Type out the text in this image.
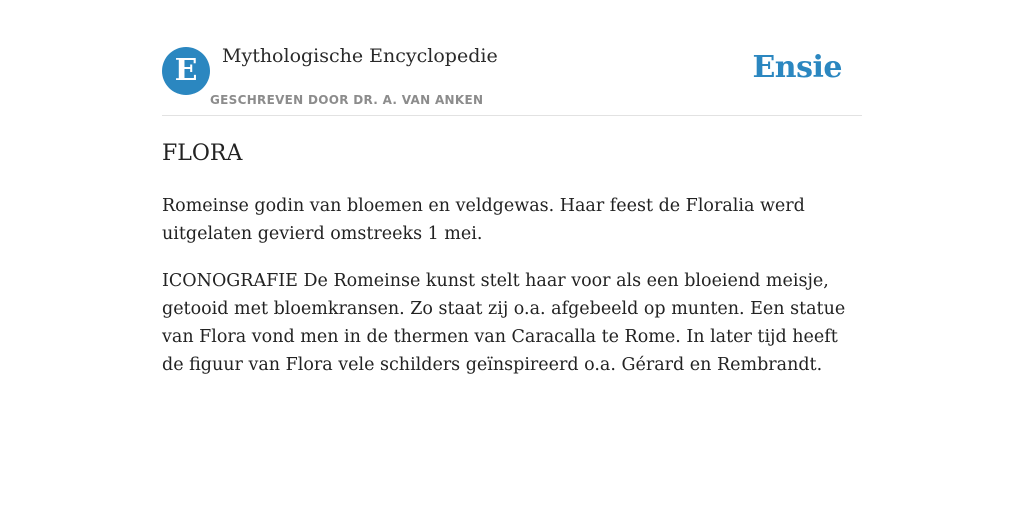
E	Mythologische Encyclopedie
GESCHREVEN DOOR DR. A. VAN ANKEN
Ensie
FLORA

Romeinse godin van bloemen en veldgewas. Haar feest de Floralia werd uitgelaten gevierd omstreeks 1 mei.

ICONOGRAFIE De Romeinse kunst stelt haar voor als een bloeiend meisje, getooid met bloemkransen. Zo staat zij o.a. afgebeeld op munten. Een statue van Flora vond men in de thermen van Caracalla te Rome. In later tijd heeft de figuur van Flora vele schilders geïnspireerd o.a. Gérard en Rembrandt.
